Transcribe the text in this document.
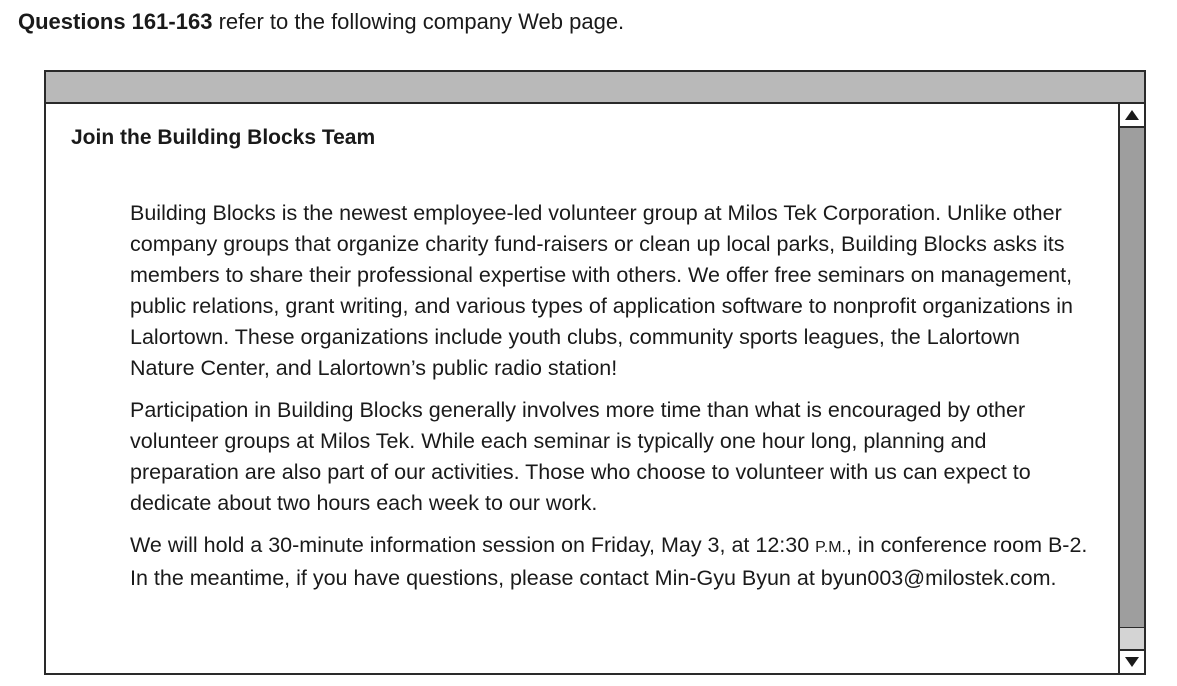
Questions 161-163 refer to the following company Web page.
Join the Building Blocks Team

Building Blocks is the newest employee-led volunteer group at Milos Tek Corporation. Unlike other company groups that organize charity fund-raisers or clean up local parks, Building Blocks asks its members to share their professional expertise with others. We offer free seminars on management, public relations, grant writing, and various types of application software to nonprofit organizations in Lalortown. These organizations include youth clubs, community sports leagues, the Lalortown Nature Center, and Lalortown’s public radio station!

Participation in Building Blocks generally involves more time than what is encouraged by other volunteer groups at Milos Tek. While each seminar is typically one hour long, planning and preparation are also part of our activities. Those who choose to volunteer with us can expect to dedicate about two hours each week to our work.

We will hold a 30-minute information session on Friday, May 3, at 12:30 P.M., in conference room B-2. In the meantime, if you have questions, please contact Min-Gyu Byun at byun003@milostek.com.
